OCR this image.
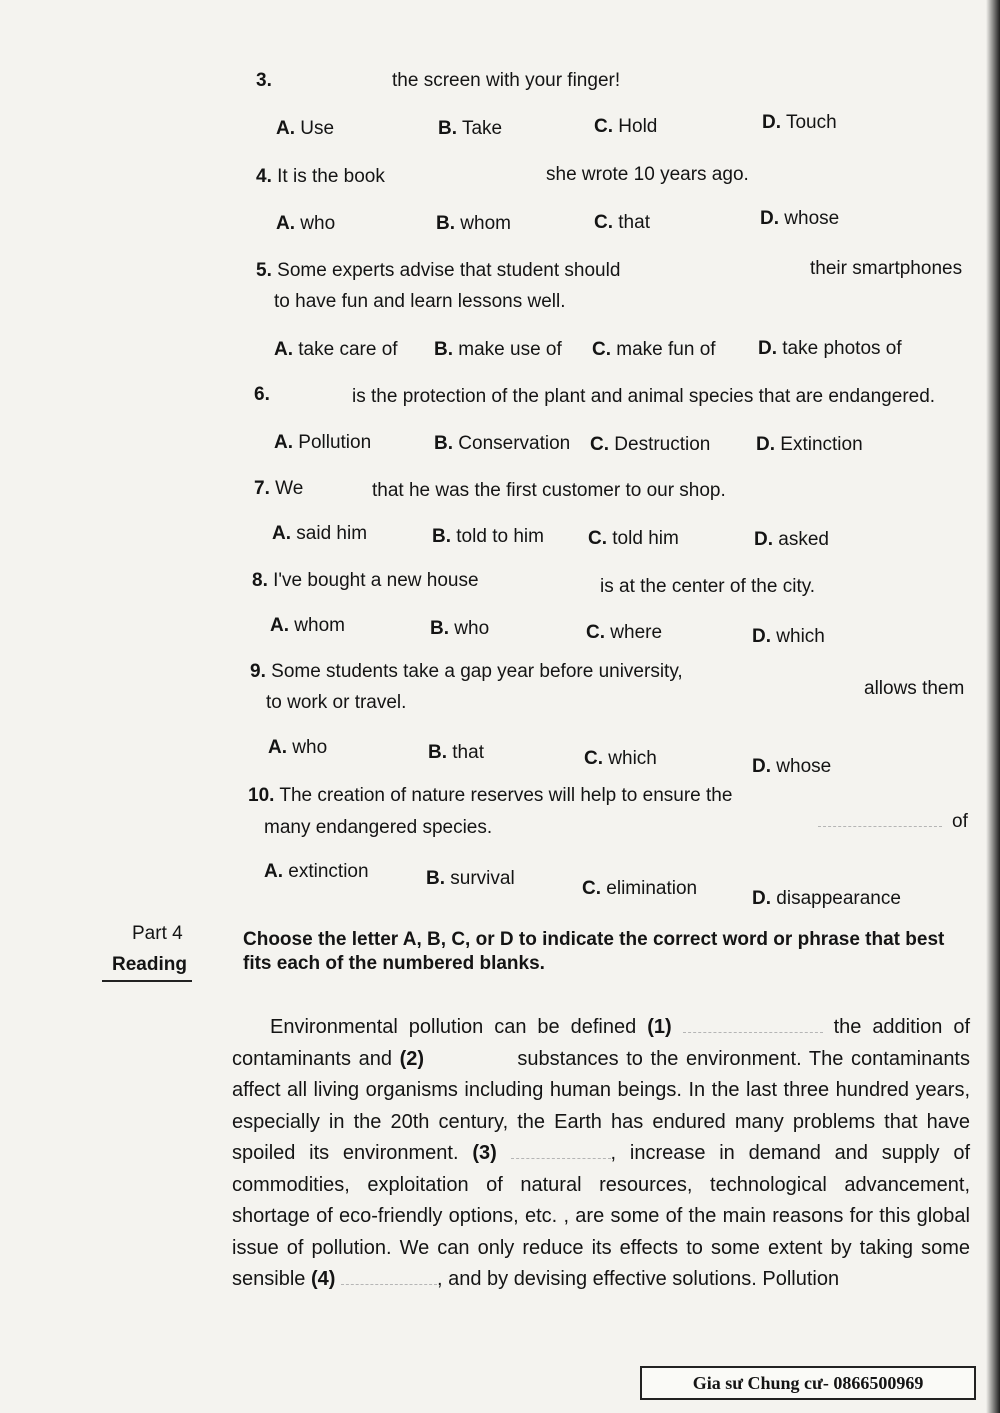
3.	the screen with your finger!
A. Use	B. Take	C. Hold	D. Touch
4. It is the book	she wrote 10 years ago.
A. who	B. whom	C. that	D. whose
5. Some experts advise that student should	their smartphones
to have fun and learn lessons well.
A. take care of B. make use of C. make fun of D. take photos of
6.	is the protection of the plant and animal species that are endangered.
A. Pollution	B. Conservation C. Destruction D. Extinction
7. We	that he was the first customer to our shop.
A. said him	B. told to him C. told him	D. asked
8. I've bought a new house	is at the center of the city.
A. whom	B. who	C. where	D. which
9. Some students take a gap year before university,
allows them
to work or travel.
A. who	B. that	C. which	D. whose
10. The creation of nature reserves will help to ensure the
of
many endangered species.
A. extinction	B. survival	C. elimination	D. disappearance
Part 4
Reading
Choose the letter A, B, C, or D to indicate the correct word or phrase that best fits each of the numbered blanks.
Environmental pollution can be defined (1)	the addition of contaminants and (2)	substances to the environment. The contaminants affect all living organisms including human beings. In the last three hundred years, especially in the 20th century, the Earth has endured many problems that have spoiled its environment. (3)	, increase in demand and supply of commodities, exploitation of natural resources, technological advancement, shortage of eco-friendly options, etc. , are some of the main reasons for this global issue of pollution. We can only reduce its effects to some extent by taking some sensible (4)	, and by devising effective solutions. Pollution
Gia sư Chung cư- 0866500969
